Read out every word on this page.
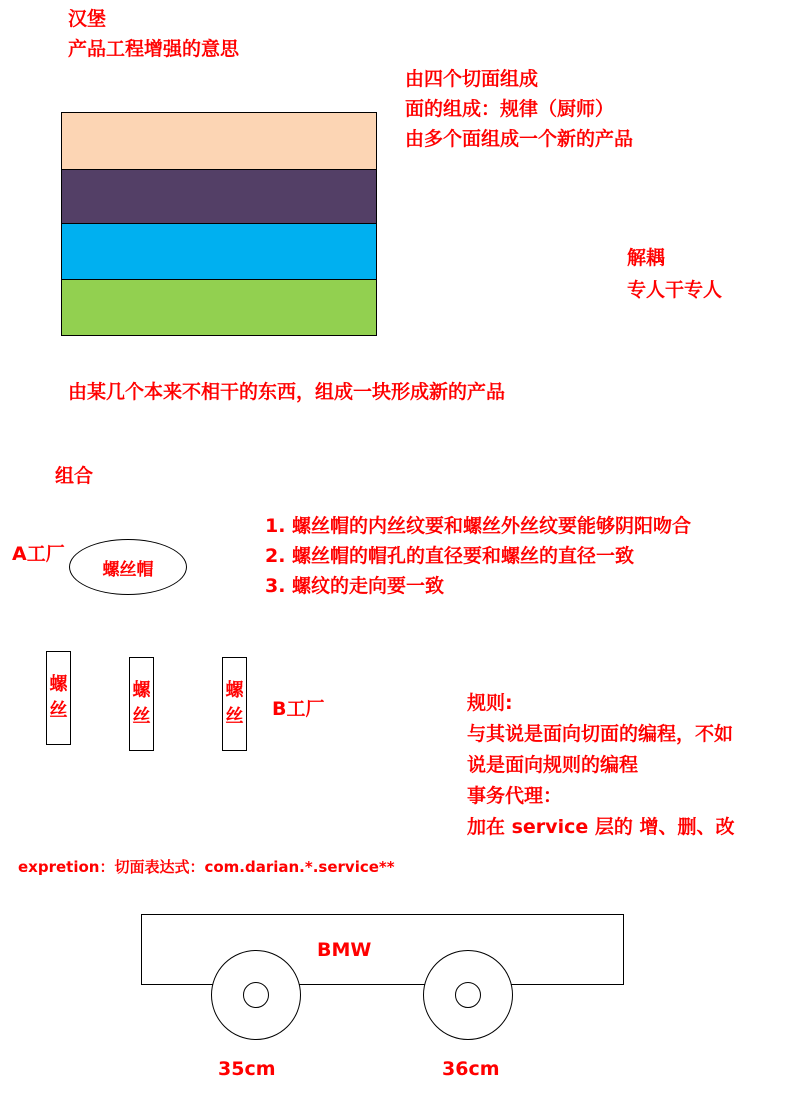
汉堡
产品工程增强的意思
由四个切面组成
面的组成：规律（厨师）
由多个面组成一个新的产品
解耦
专人干专人
由某几个本来不相干的东西，组成一块形成新的产品
组合
1. 螺丝帽的内丝纹要和螺丝外丝纹要能够阴阳吻合
2. 螺丝帽的帽孔的直径要和螺丝的直径一致
3. 螺纹的走向要一致
A工厂
螺丝帽
螺
丝
螺
丝
螺
丝 B工厂	规则:
与其说是面向切面的编程，不如
说是面向规则的编程
事务代理：
加在 service 层的 增、删、改
expretion：切面表达式：com.darian.*.service**
BMW
35cm	36cm
